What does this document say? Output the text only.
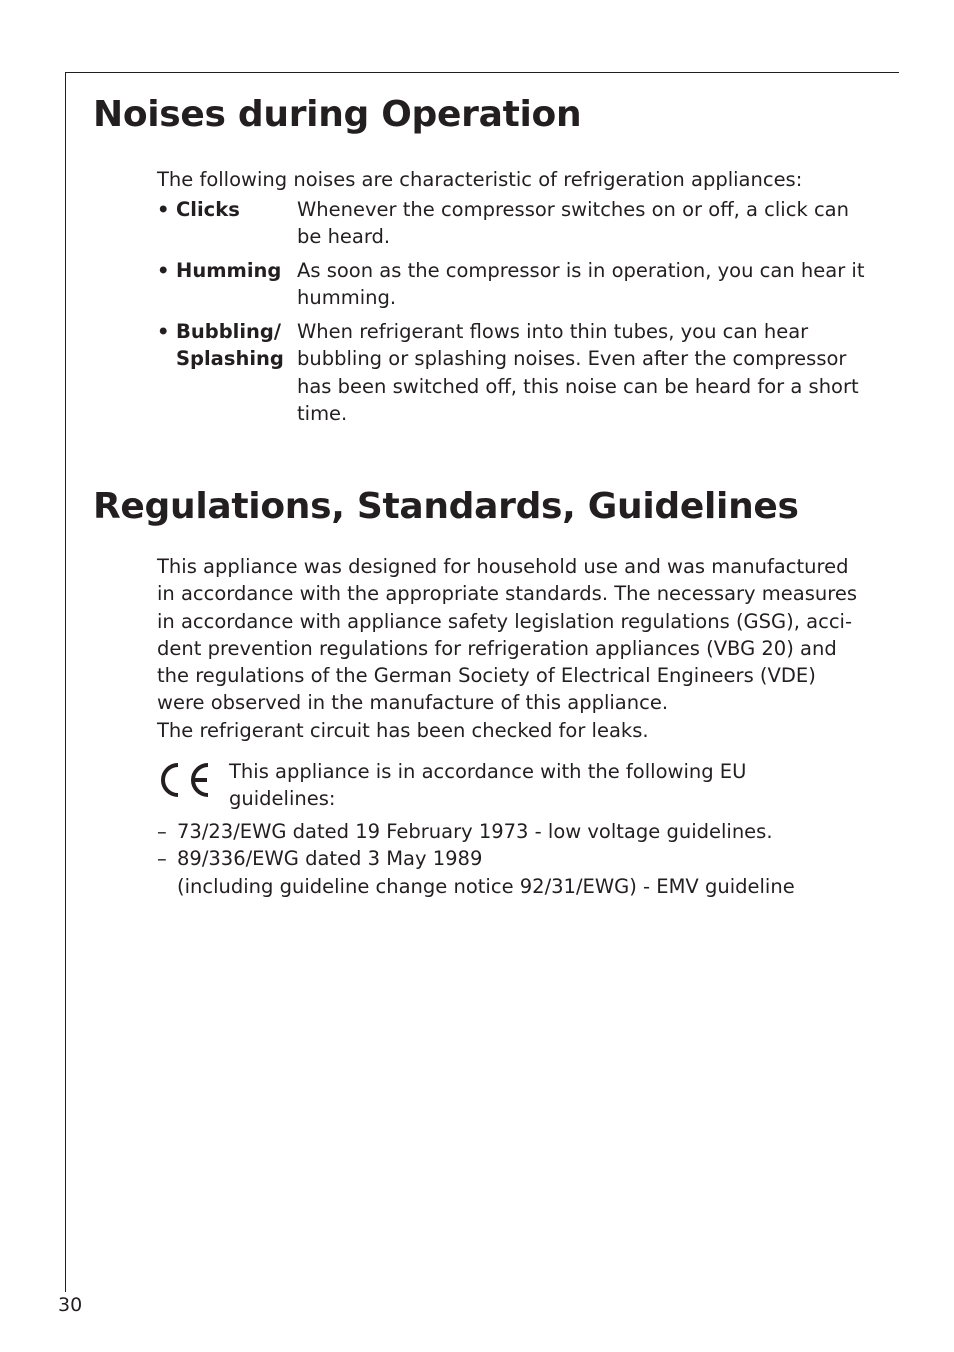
Noises during Operation
The following noises are characteristic of refrigeration appliances:
• Clicks	Whenever the compressor switches on or off, a click can be heard.
• Humming As soon as the compressor is in operation, you can hear it humming.
• Bubbling/
Splashing
When refrigerant flows into thin tubes, you can hear bubbling or splashing noises. Even after the compressor has been switched off, this noise can be heard for a short time.
Regulations, Standards, Guidelines
This appliance was designed for household use and was manufactured
in accordance with the appropriate standards. The necessary measures
in accordance with appliance safety legislation regulations (GSG), acci-
dent prevention regulations for refrigeration appliances (VBG 20) and
the regulations of the German Society of Electrical Engineers (VDE)
were observed in the manufacture of this appliance.
The refrigerant circuit has been checked for leaks.
This appliance is in accordance with the following EU
guidelines:
– 73/23/EWG dated 19 February 1973 - low voltage guidelines.
– 89/336/EWG dated 3 May 1989
(including guideline change notice 92/31/EWG) - EMV guideline
30
